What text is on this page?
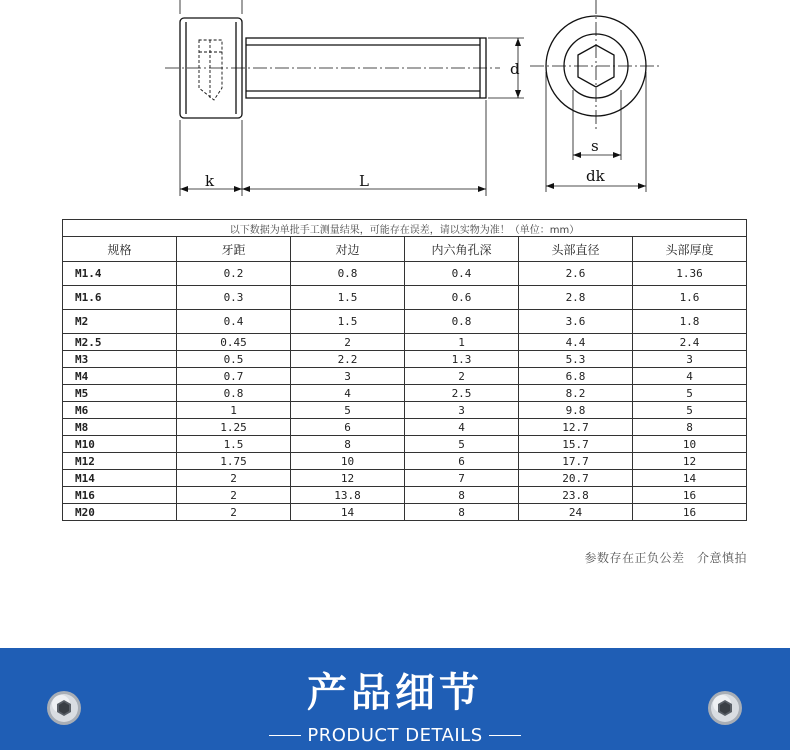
k	L
d
s
dk
以下数据为单批手工测量结果，可能存在误差，请以实物为准！（单位：mm）					
规格	牙距	对边	内六角孔深	头部直径	头部厚度
M1.4	0.2	0.8	0.4	2.6	1.36
M1.6	0.3	1.5	0.6	2.8	1.6
M2	0.4	1.5	0.8	3.6	1.8
M2.5	0.45	2	1	4.4	2.4
M3	0.5	2.2	1.3	5.3	3
M4	0.7	3	2	6.8	4
M5	0.8	4	2.5	8.2	5
M6	1	5	3	9.8	5
M8	1.25	6	4	12.7	8
M10	1.5	8	5	15.7	10
M12	1.75	10	6	17.7	12
M14	2	12	7	20.7	14
M16	2	13.8	8	23.8	16
M20	2	14	8	24	16
参数存在正负公差　介意慎拍
产品细节
PRODUCT DETAILS
